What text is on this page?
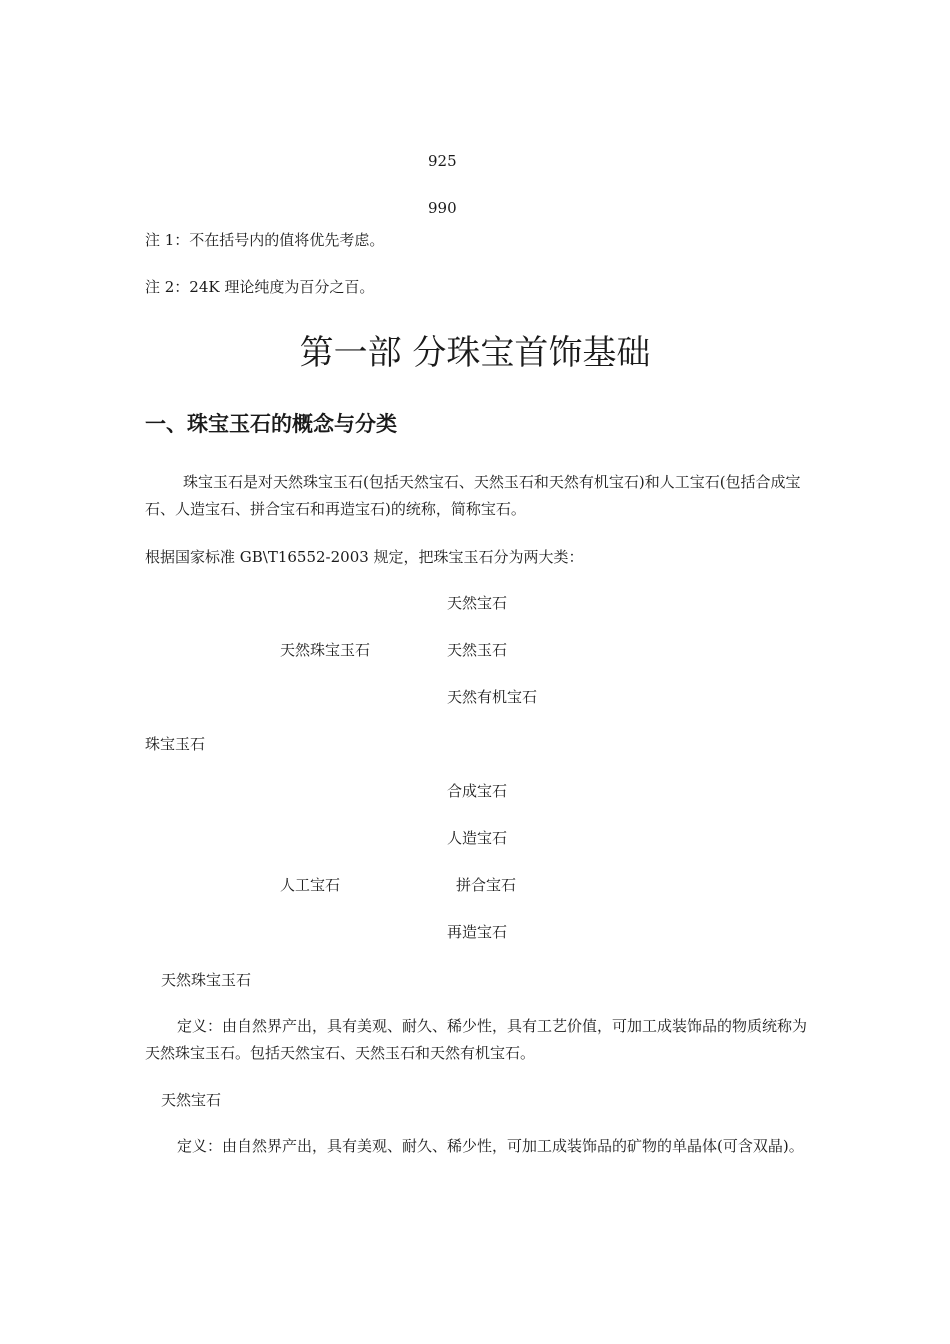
925
990
注 1：不在括号内的值将优先考虑。
注 2：24K 理论纯度为百分之百。
第一部 分珠宝首饰基础
一、珠宝玉石的概念与分类
珠宝玉石是对天然珠宝玉石(包括天然宝石、天然玉石和天然有机宝石)和人工宝石(包括合成宝石、人造宝石、拼合宝石和再造宝石)的统称，简称宝石。
根据国家标准 GB\T16552-2003 规定，把珠宝玉石分为两大类：
天然宝石
天然珠宝玉石	天然玉石
天然有机宝石
珠宝玉石
合成宝石
人造宝石
人工宝石	拼合宝石
再造宝石
天然珠宝玉石
定义：由自然界产出，具有美观、耐久、稀少性，具有工艺价值，可加工成装饰品的物质统称为天然珠宝玉石。包括天然宝石、天然玉石和天然有机宝石。
天然宝石
定义：由自然界产出，具有美观、耐久、稀少性，可加工成装饰品的矿物的单晶体(可含双晶)。
